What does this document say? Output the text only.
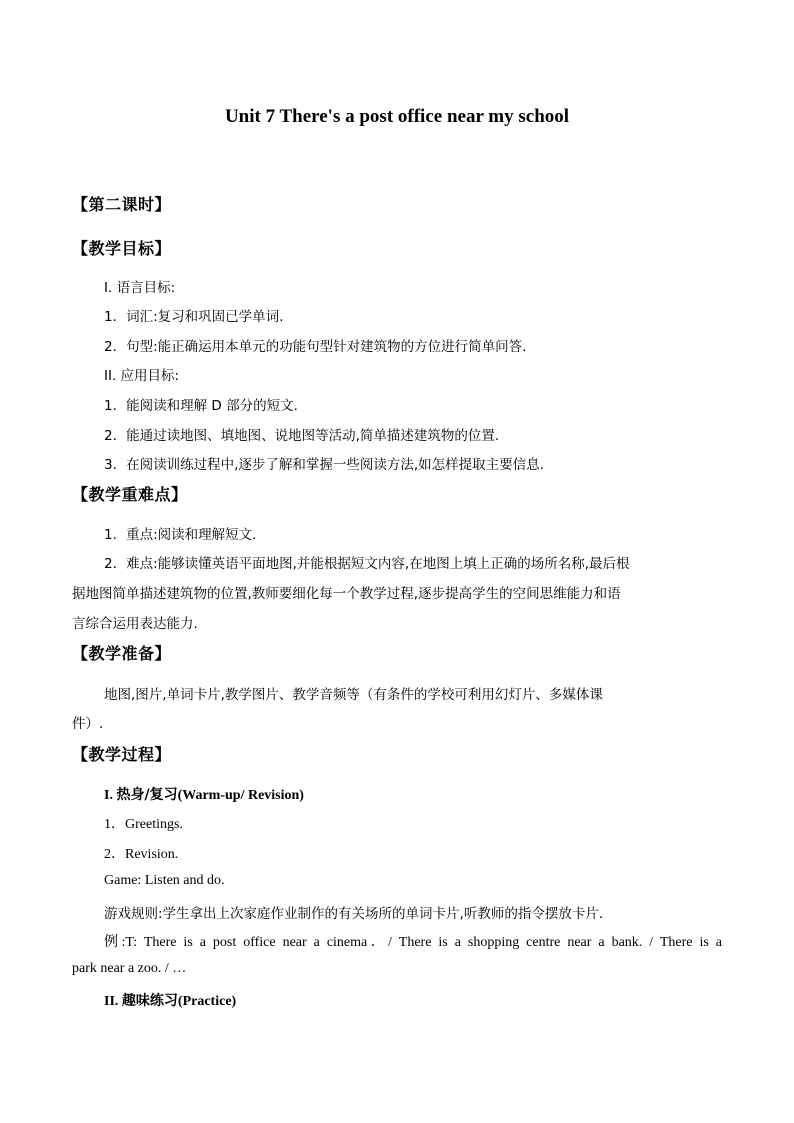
Unit 7 There's a post office near my school
【第二课时】
【教学目标】
I. 语言目标:
1．词汇:复习和巩固已学单词.
2．句型:能正确运用本单元的功能句型针对建筑物的方位进行简单问答.
II. 应用目标:
1．能阅读和理解 D 部分的短文.
2．能通过读地图、填地图、说地图等活动,简单描述建筑物的位置.
3．在阅读训练过程中,逐步了解和掌握一些阅读方法,如怎样提取主要信息.
【教学重难点】
1．重点:阅读和理解短文.
2．难点:能够读懂英语平面地图,并能根据短文内容,在地图上填上正确的场所名称,最后根
据地图简单描述建筑物的位置,教师要细化每一个教学过程,逐步提高学生的空间思维能力和语
言综合运用表达能力.
【教学准备】
地图,图片,单词卡片,教学图片、教学音频等（有条件的学校可利用幻灯片、多媒体课
件）.
【教学过程】
I. 热身/复习(Warm-up/ Revision)
1．Greetings.
2．Revision.
Game: Listen and do.
游戏规则:学生拿出上次家庭作业制作的有关场所的单词卡片,听教师的指令摆放卡片.
例:T: There is a post office near a cinema．/ There is a shopping centre near a bank. / There is a
park near a zoo. / …
II. 趣味练习(Practice)
